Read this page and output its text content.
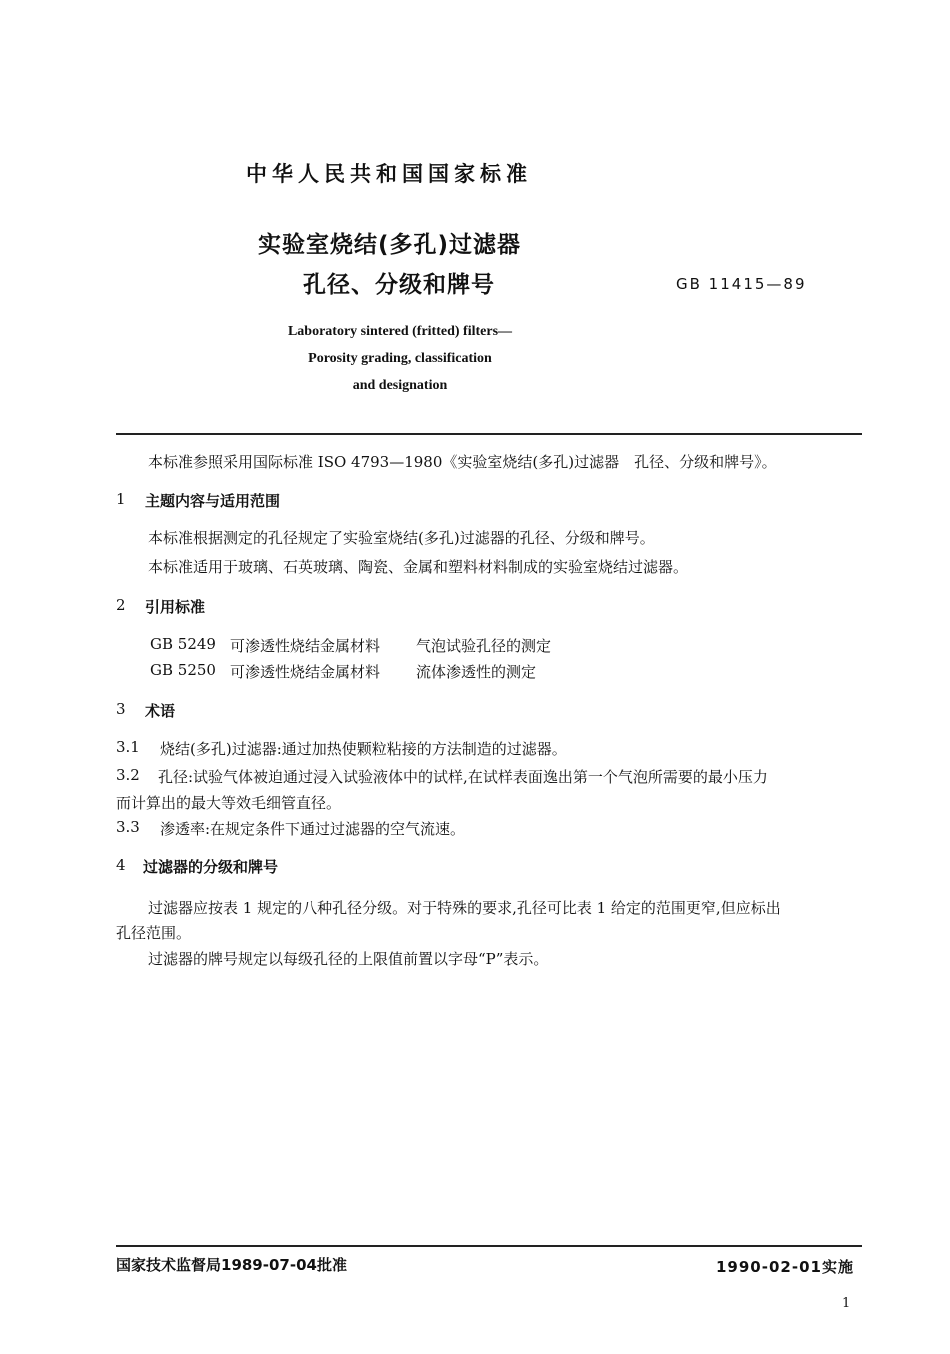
中华人民共和国国家标准
实验室烧结(多孔)过滤器
孔径、分级和牌号	GB 11415—89
Laboratory sintered (fritted) filters—
Porosity grading, classification
and designation
本标准参照采用国际标准 ISO 4793—1980《实验室烧结(多孔)过滤器　孔径、分级和牌号》。
1 主题内容与适用范围
本标准根据测定的孔径规定了实验室烧结(多孔)过滤器的孔径、分级和牌号。
本标准适用于玻璃、石英玻璃、陶瓷、金属和塑料材料制成的实验室烧结过滤器。
2 引用标准
GB 5249 可渗透性烧结金属材料 气泡试验孔径的测定
GB 5250 可渗透性烧结金属材料 流体渗透性的测定
3 术语
3.1 烧结(多孔)过滤器:通过加热使颗粒粘接的方法制造的过滤器。
3.2 孔径:试验气体被迫通过浸入试验液体中的试样,在试样表面逸出第一个气泡所需要的最小压力
而计算出的最大等效毛细管直径。
3.3 渗透率:在规定条件下通过过滤器的空气流速。
4 过滤器的分级和牌号
过滤器应按表 1 规定的八种孔径分级。对于特殊的要求,孔径可比表 1 给定的范围更窄,但应标出
孔径范围。
过滤器的牌号规定以每级孔径的上限值前置以字母“P”表示。
国家技术监督局1989-07-04批准	1990-02-01实施
1
